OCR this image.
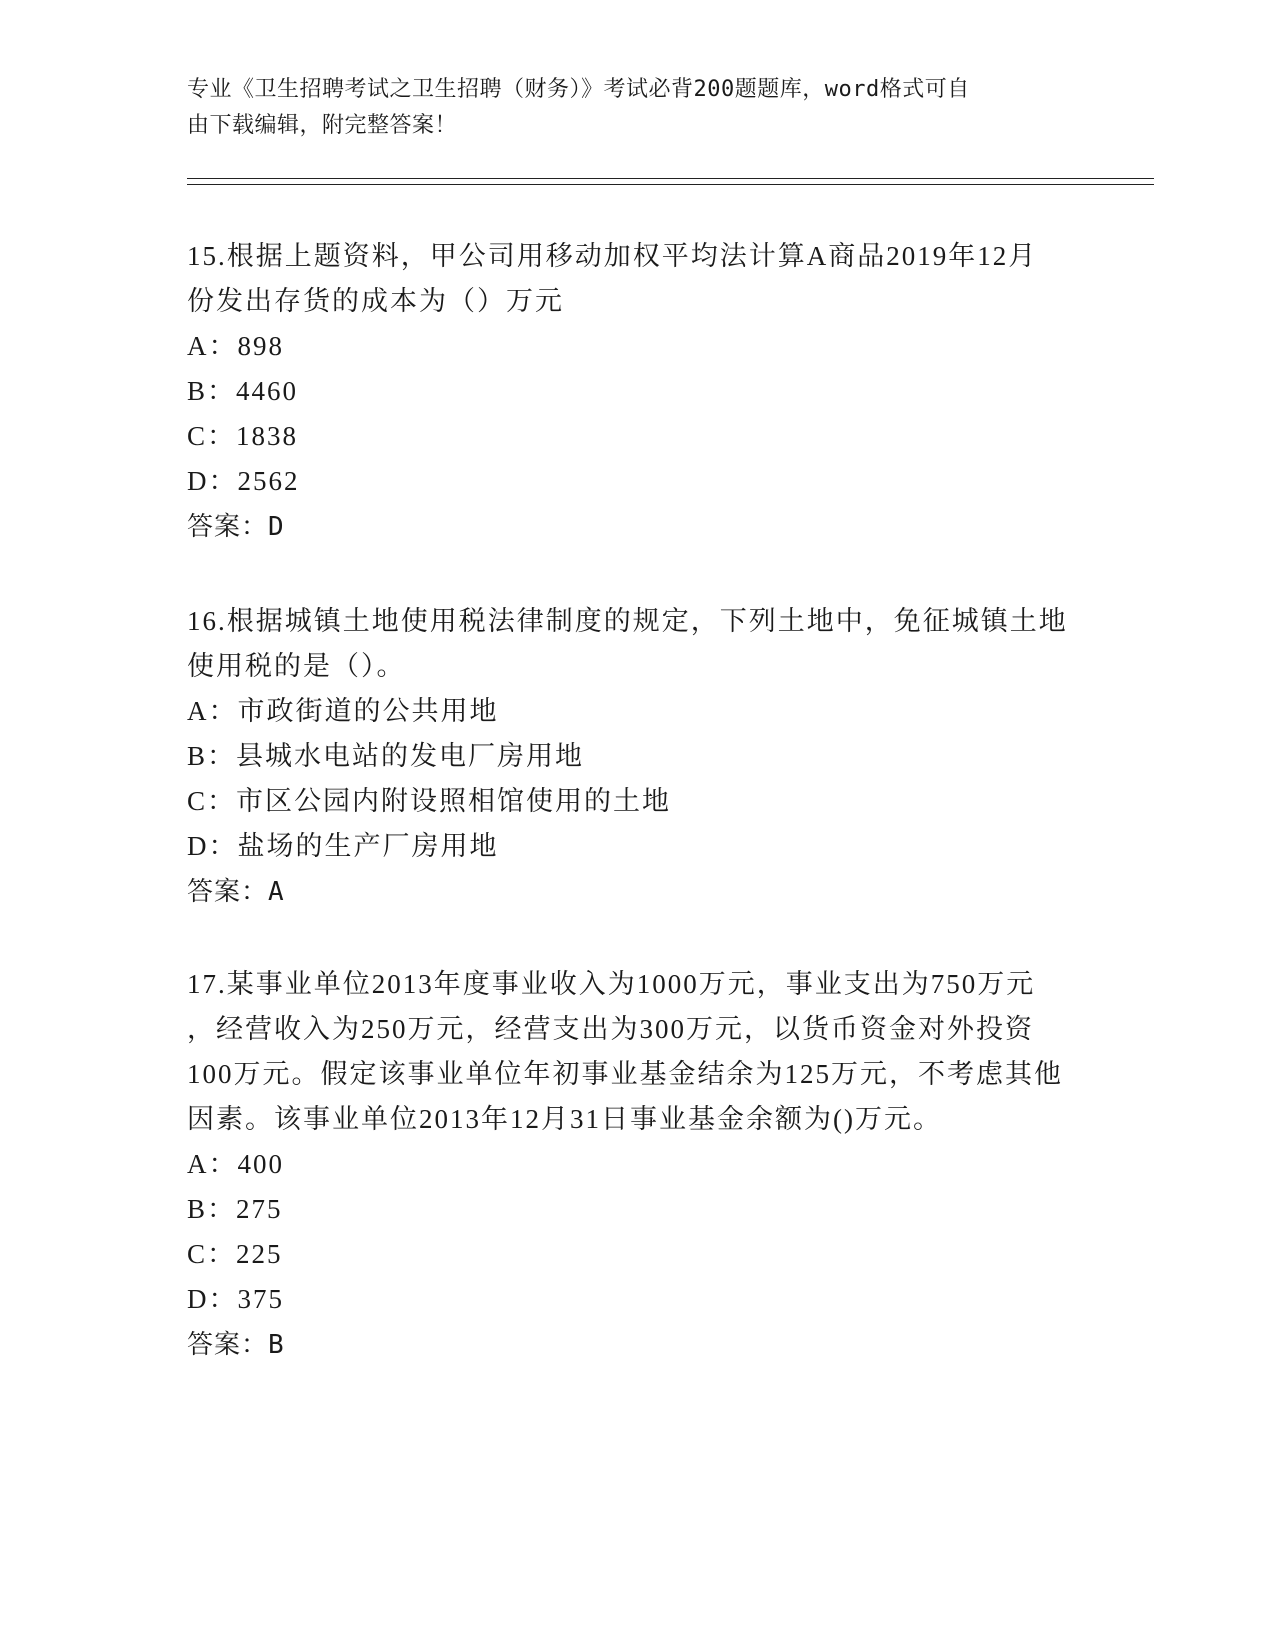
专业《卫生招聘考试之卫生招聘（财务）》考试必背200题题库，word格式可自
由下载编辑，附完整答案！
15.根据上题资料，甲公司用移动加权平均法计算A商品2019年12月
份发出存货的成本为（）万元
A：898
B：4460
C：1838
D：2562
答案：D
16.根据城镇土地使用税法律制度的规定，下列土地中，免征城镇土地
使用税的是（）。
A：市政街道的公共用地
B：县城水电站的发电厂房用地
C：市区公园内附设照相馆使用的土地
D：盐场的生产厂房用地
答案：A
17.某事业单位2013年度事业收入为1000万元，事业支出为750万元
，经营收入为250万元，经营支出为300万元，以货币资金对外投资
100万元。假定该事业单位年初事业基金结余为125万元，不考虑其他
因素。该事业单位2013年12月31日事业基金余额为()万元。
A：400
B：275
C：225
D：375
答案：B
